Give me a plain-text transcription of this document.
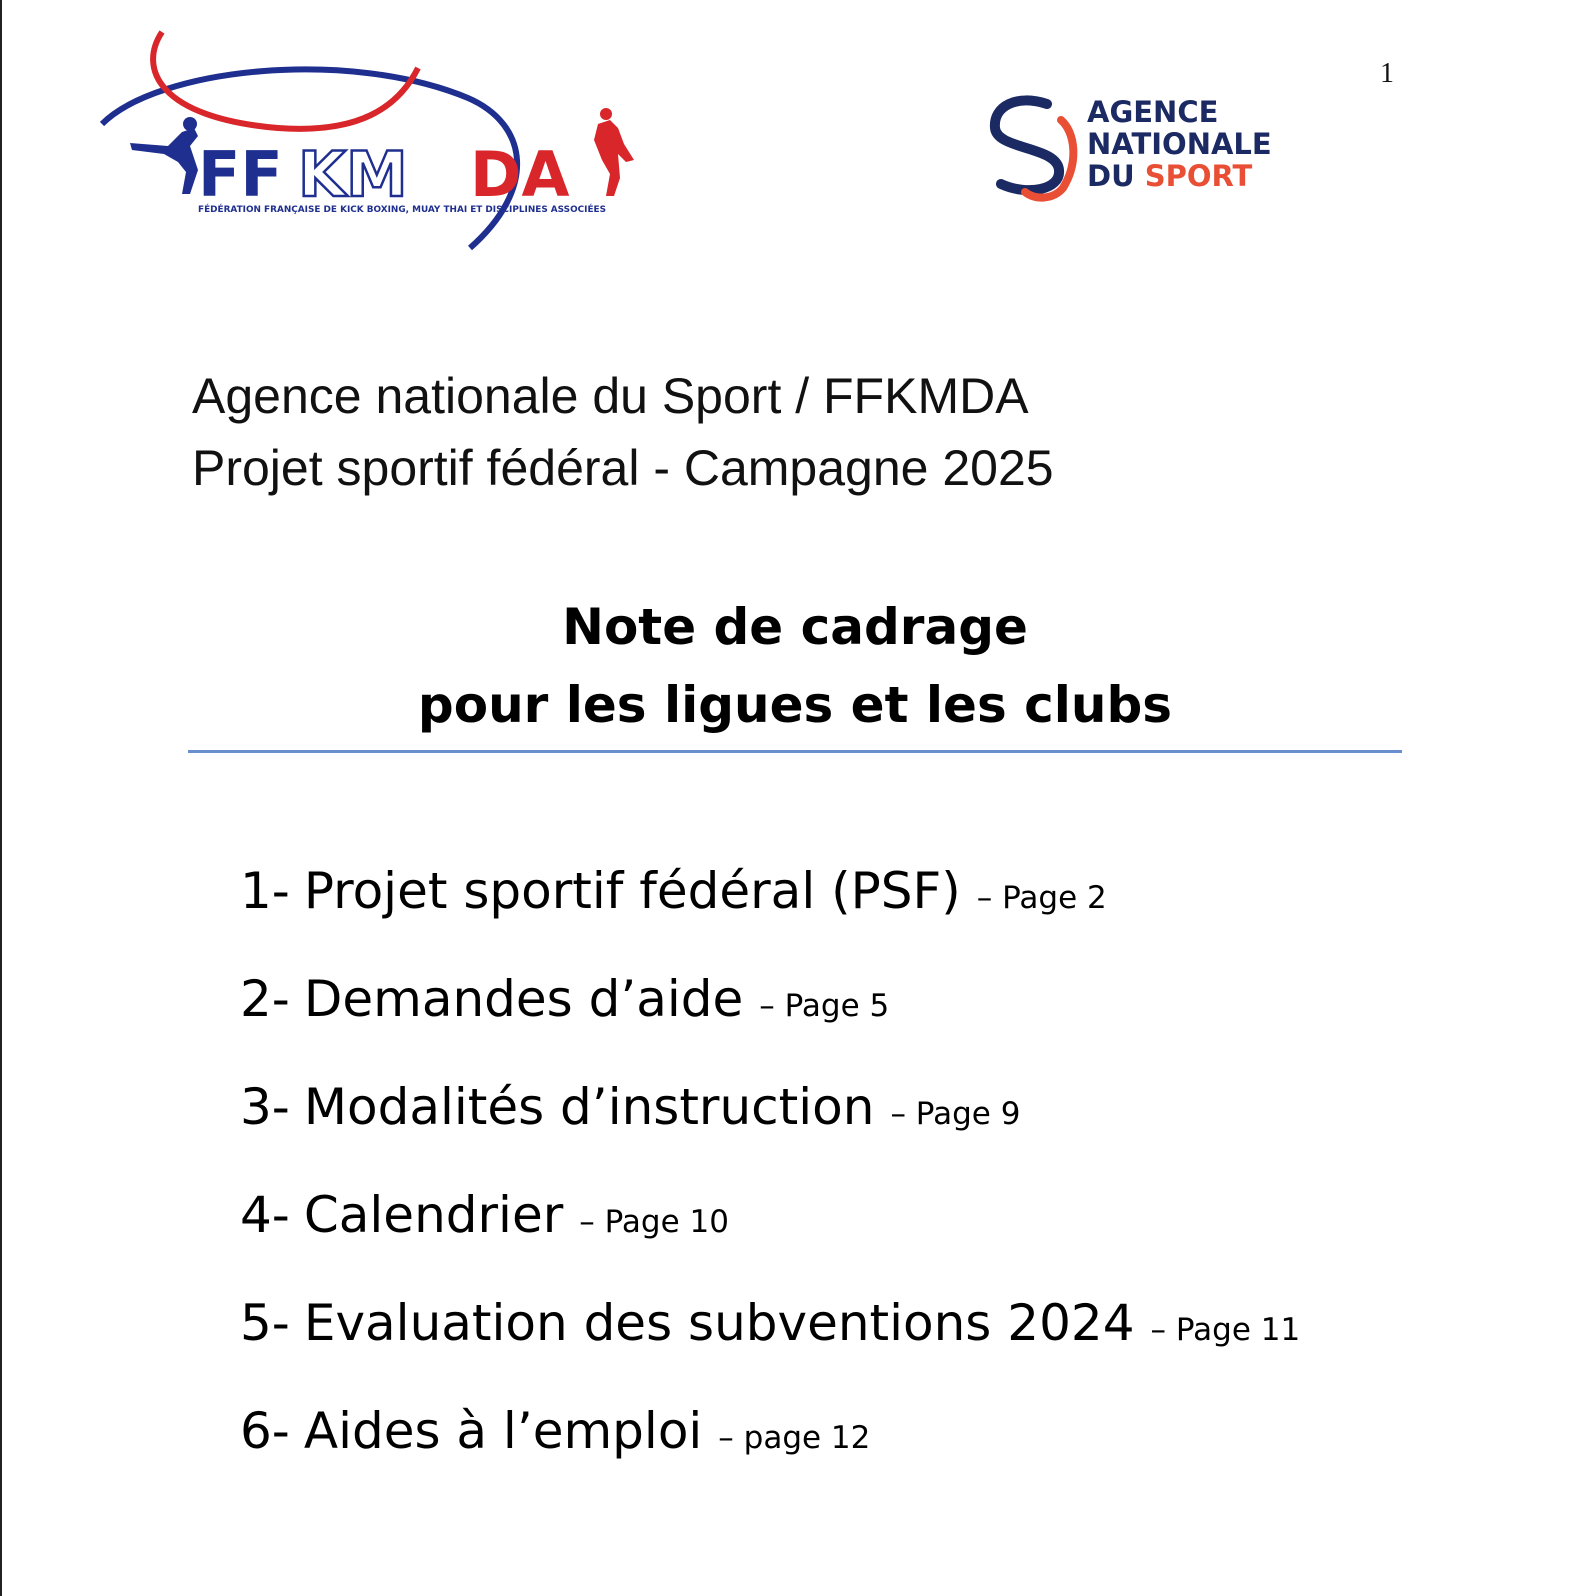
1
FF KM DA
FÉDÉRATION FRANÇAISE DE KICK BOXING, MUAY THAI ET DISCIPLINES ASSOCIÉES
AGENCE
NATIONALE
DU SPORT
Agence nationale du Sport / FFKMDA
Projet sportif fédéral - Campagne 2025
Note de cadrage
pour les ligues et les clubs
1- Projet sportif fédéral (PSF) – Page 2
2- Demandes d’aide – Page 5
3- Modalités d’instruction – Page 9
4- Calendrier – Page 10
5- Evaluation des subventions 2024 – Page 11
6- Aides à l’emploi – page 12
